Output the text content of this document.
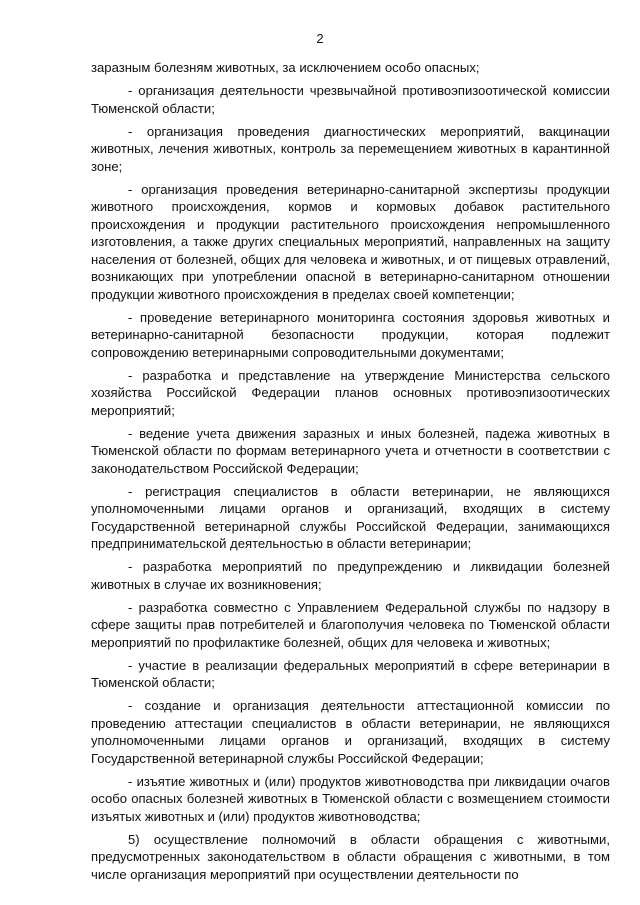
2

заразным болезням животных, за исключением особо опасных;

- организация деятельности чрезвычайной противоэпизоотической комиссии Тюменской области;

- организация проведения диагностических мероприятий, вакцинации животных, лечения животных, контроль за перемещением животных в карантинной зоне;

- организация проведения ветеринарно-санитарной экспертизы продукции животного происхождения, кормов и кормовых добавок растительного происхождения и продукции растительного происхождения непромышленного изготовления, а также других специальных мероприятий, направленных на защиту населения от болезней, общих для человека и животных, и от пищевых отравлений, возникающих при употреблении опасной в ветеринарно-санитарном отношении продукции животного происхождения в пределах своей компетенции;

- проведение ветеринарного мониторинга состояния здоровья животных и ветеринарно-санитарной безопасности продукции, которая подлежит сопровождению ветеринарными сопроводительными документами;

- разработка и представление на утверждение Министерства сельского хозяйства Российской Федерации планов основных противоэпизоотических мероприятий;

- ведение учета движения заразных и иных болезней, падежа животных в Тюменской области по формам ветеринарного учета и отчетности в соответствии с законодательством Российской Федерации;

- регистрация специалистов в области ветеринарии, не являющихся уполномоченными лицами органов и организаций, входящих в систему Государственной ветеринарной службы Российской Федерации, занимающихся предпринимательской деятельностью в области ветеринарии;

- разработка мероприятий по предупреждению и ликвидации болезней животных в случае их возникновения;

- разработка совместно с Управлением Федеральной службы по надзору в сфере защиты прав потребителей и благополучия человека по Тюменской области мероприятий по профилактике болезней, общих для человека и животных;

- участие в реализации федеральных мероприятий в сфере ветеринарии в Тюменской области;

- создание и организация деятельности аттестационной комиссии по проведению аттестации специалистов в области ветеринарии, не являющихся уполномоченными лицами органов и организаций, входящих в систему Государственной ветеринарной службы Российской Федерации;

- изъятие животных и (или) продуктов животноводства при ликвидации очагов особо опасных болезней животных в Тюменской области с возмещением стоимости изъятых животных и (или) продуктов животноводства;

5) осуществление полномочий в области обращения с животными, предусмотренных законодательством в области обращения с животными, в том числе организация мероприятий при осуществлении деятельности по
